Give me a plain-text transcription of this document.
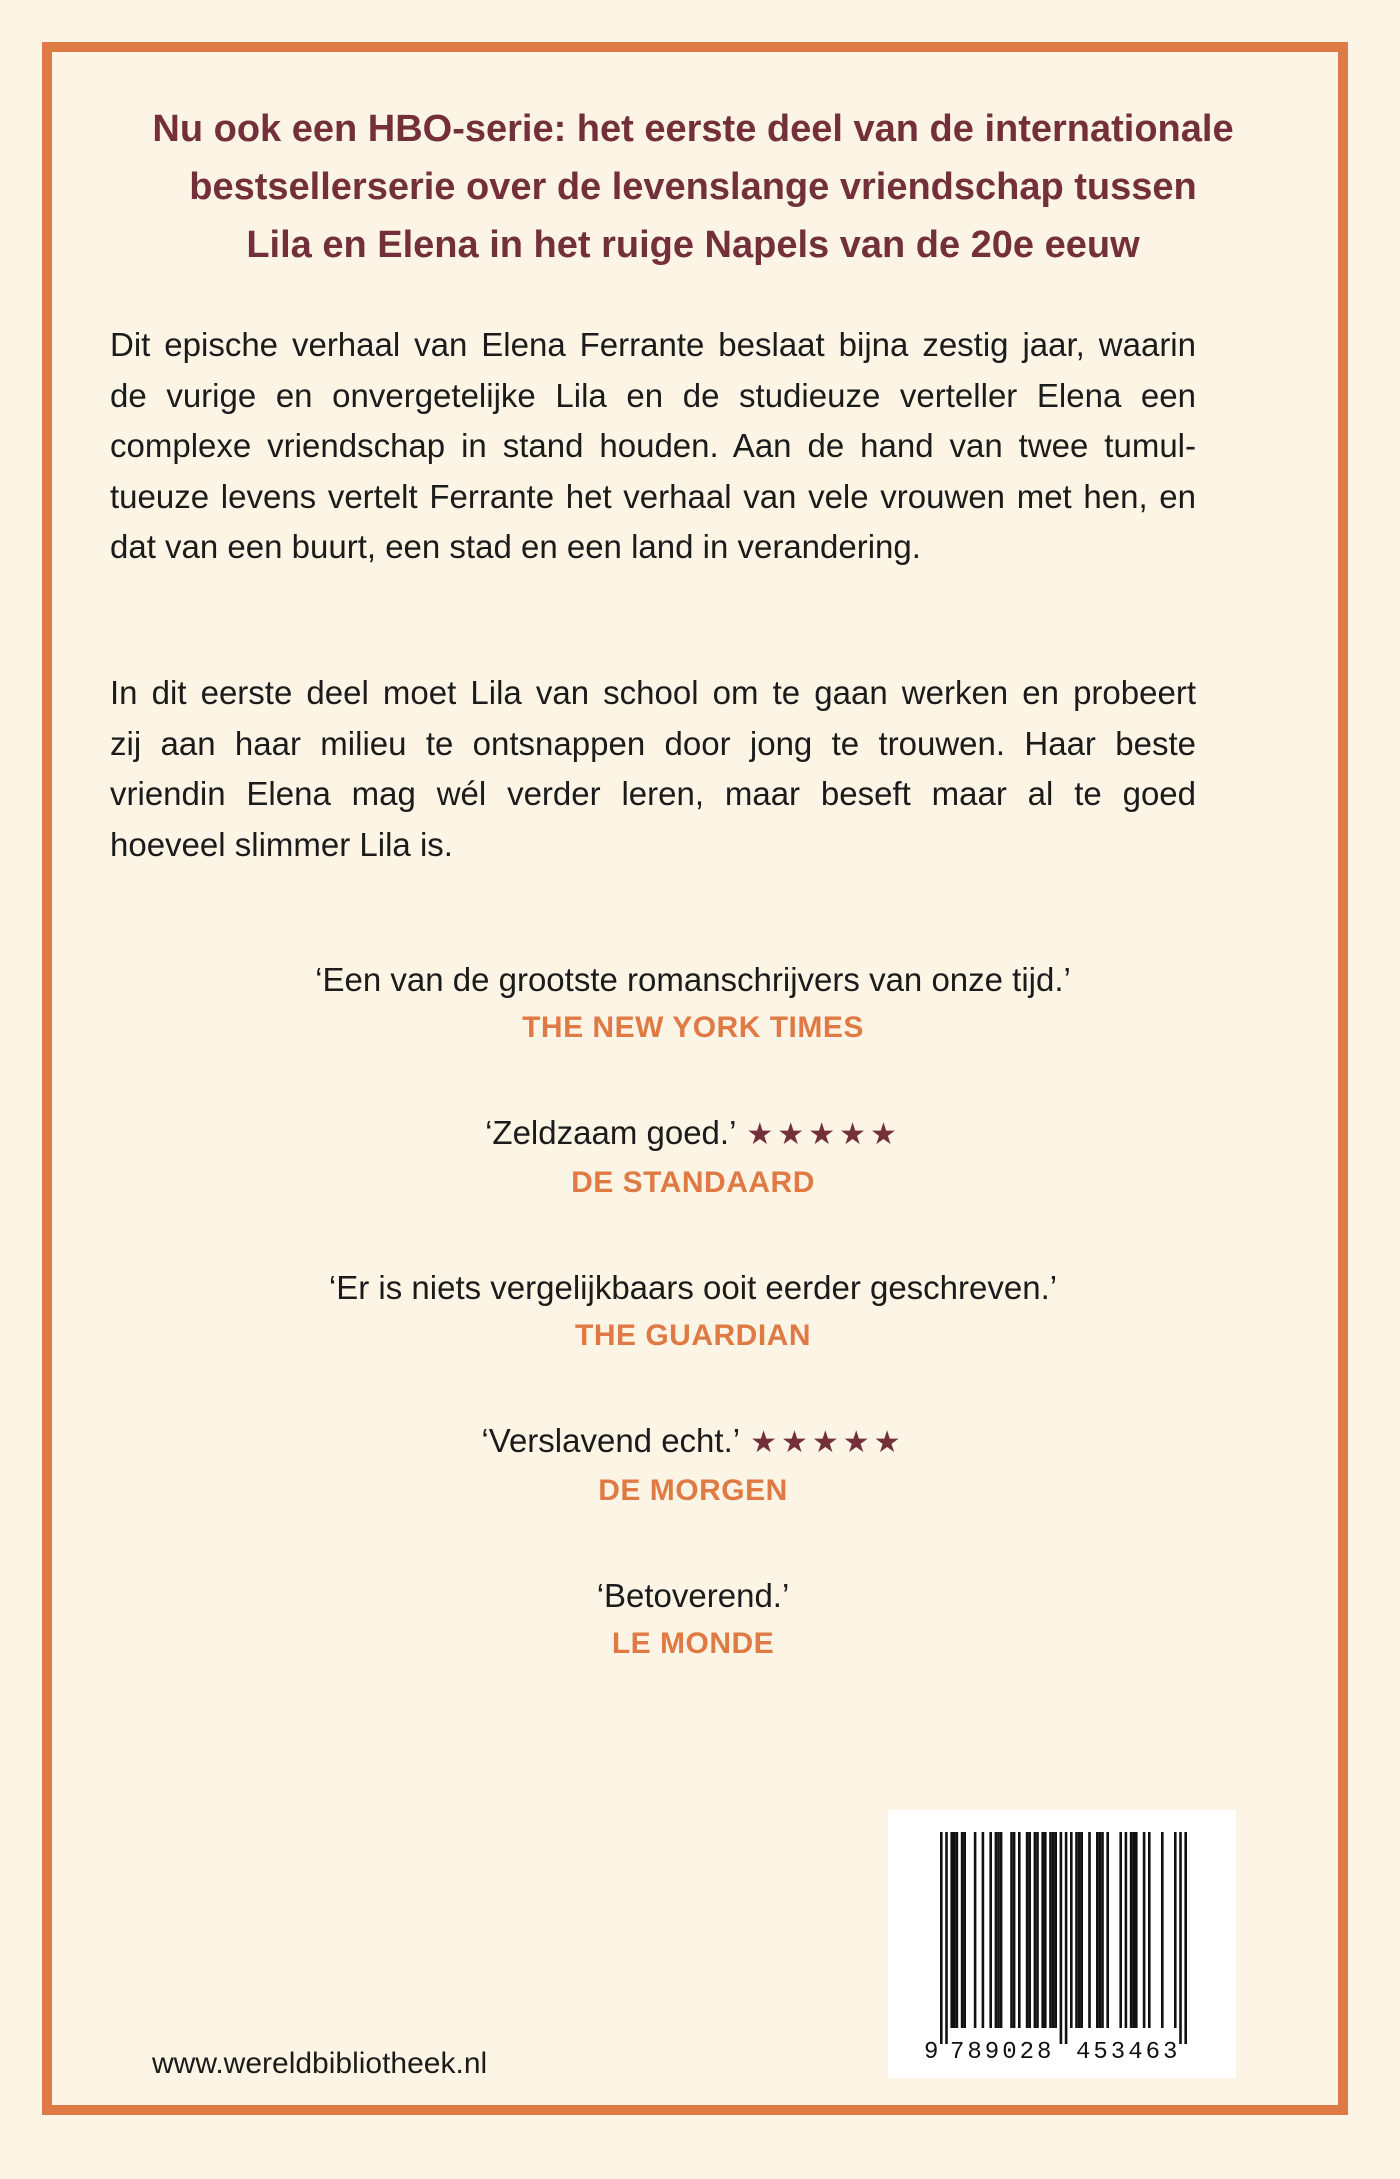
Nu ook een HBO-serie: het eerste deel van de internationale
bestsellerserie over de levenslange vriendschap tussen
Lila en Elena in het ruige Napels van de 20e eeuw
Dit epische verhaal van Elena Ferrante beslaat bijna zestig jaar, waarin
de vurige en onvergetelijke Lila en de studieuze verteller Elena een
complexe vriendschap in stand houden. Aan de hand van twee tumul-
tueuze levens vertelt Ferrante het verhaal van vele vrouwen met hen, en
dat van een buurt, een stad en een land in verandering.
In dit eerste deel moet Lila van school om te gaan werken en probeert
zij aan haar milieu te ontsnappen door jong te trouwen. Haar beste
vriendin Elena mag wél verder leren, maar beseft maar al te goed
hoeveel slimmer Lila is.
‘Een van de grootste romanschrijvers van onze tijd.’
THE NEW YORK TIMES
‘Zeldzaam goed.’ ★★★★★
DE STANDAARD
‘Er is niets vergelijkbaars ooit eerder geschreven.’
THE GUARDIAN
‘Verslavend echt.’ ★★★★★
DE MORGEN
‘Betoverend.’
LE MONDE
9 789028 453463
www.wereldbibliotheek.nl
